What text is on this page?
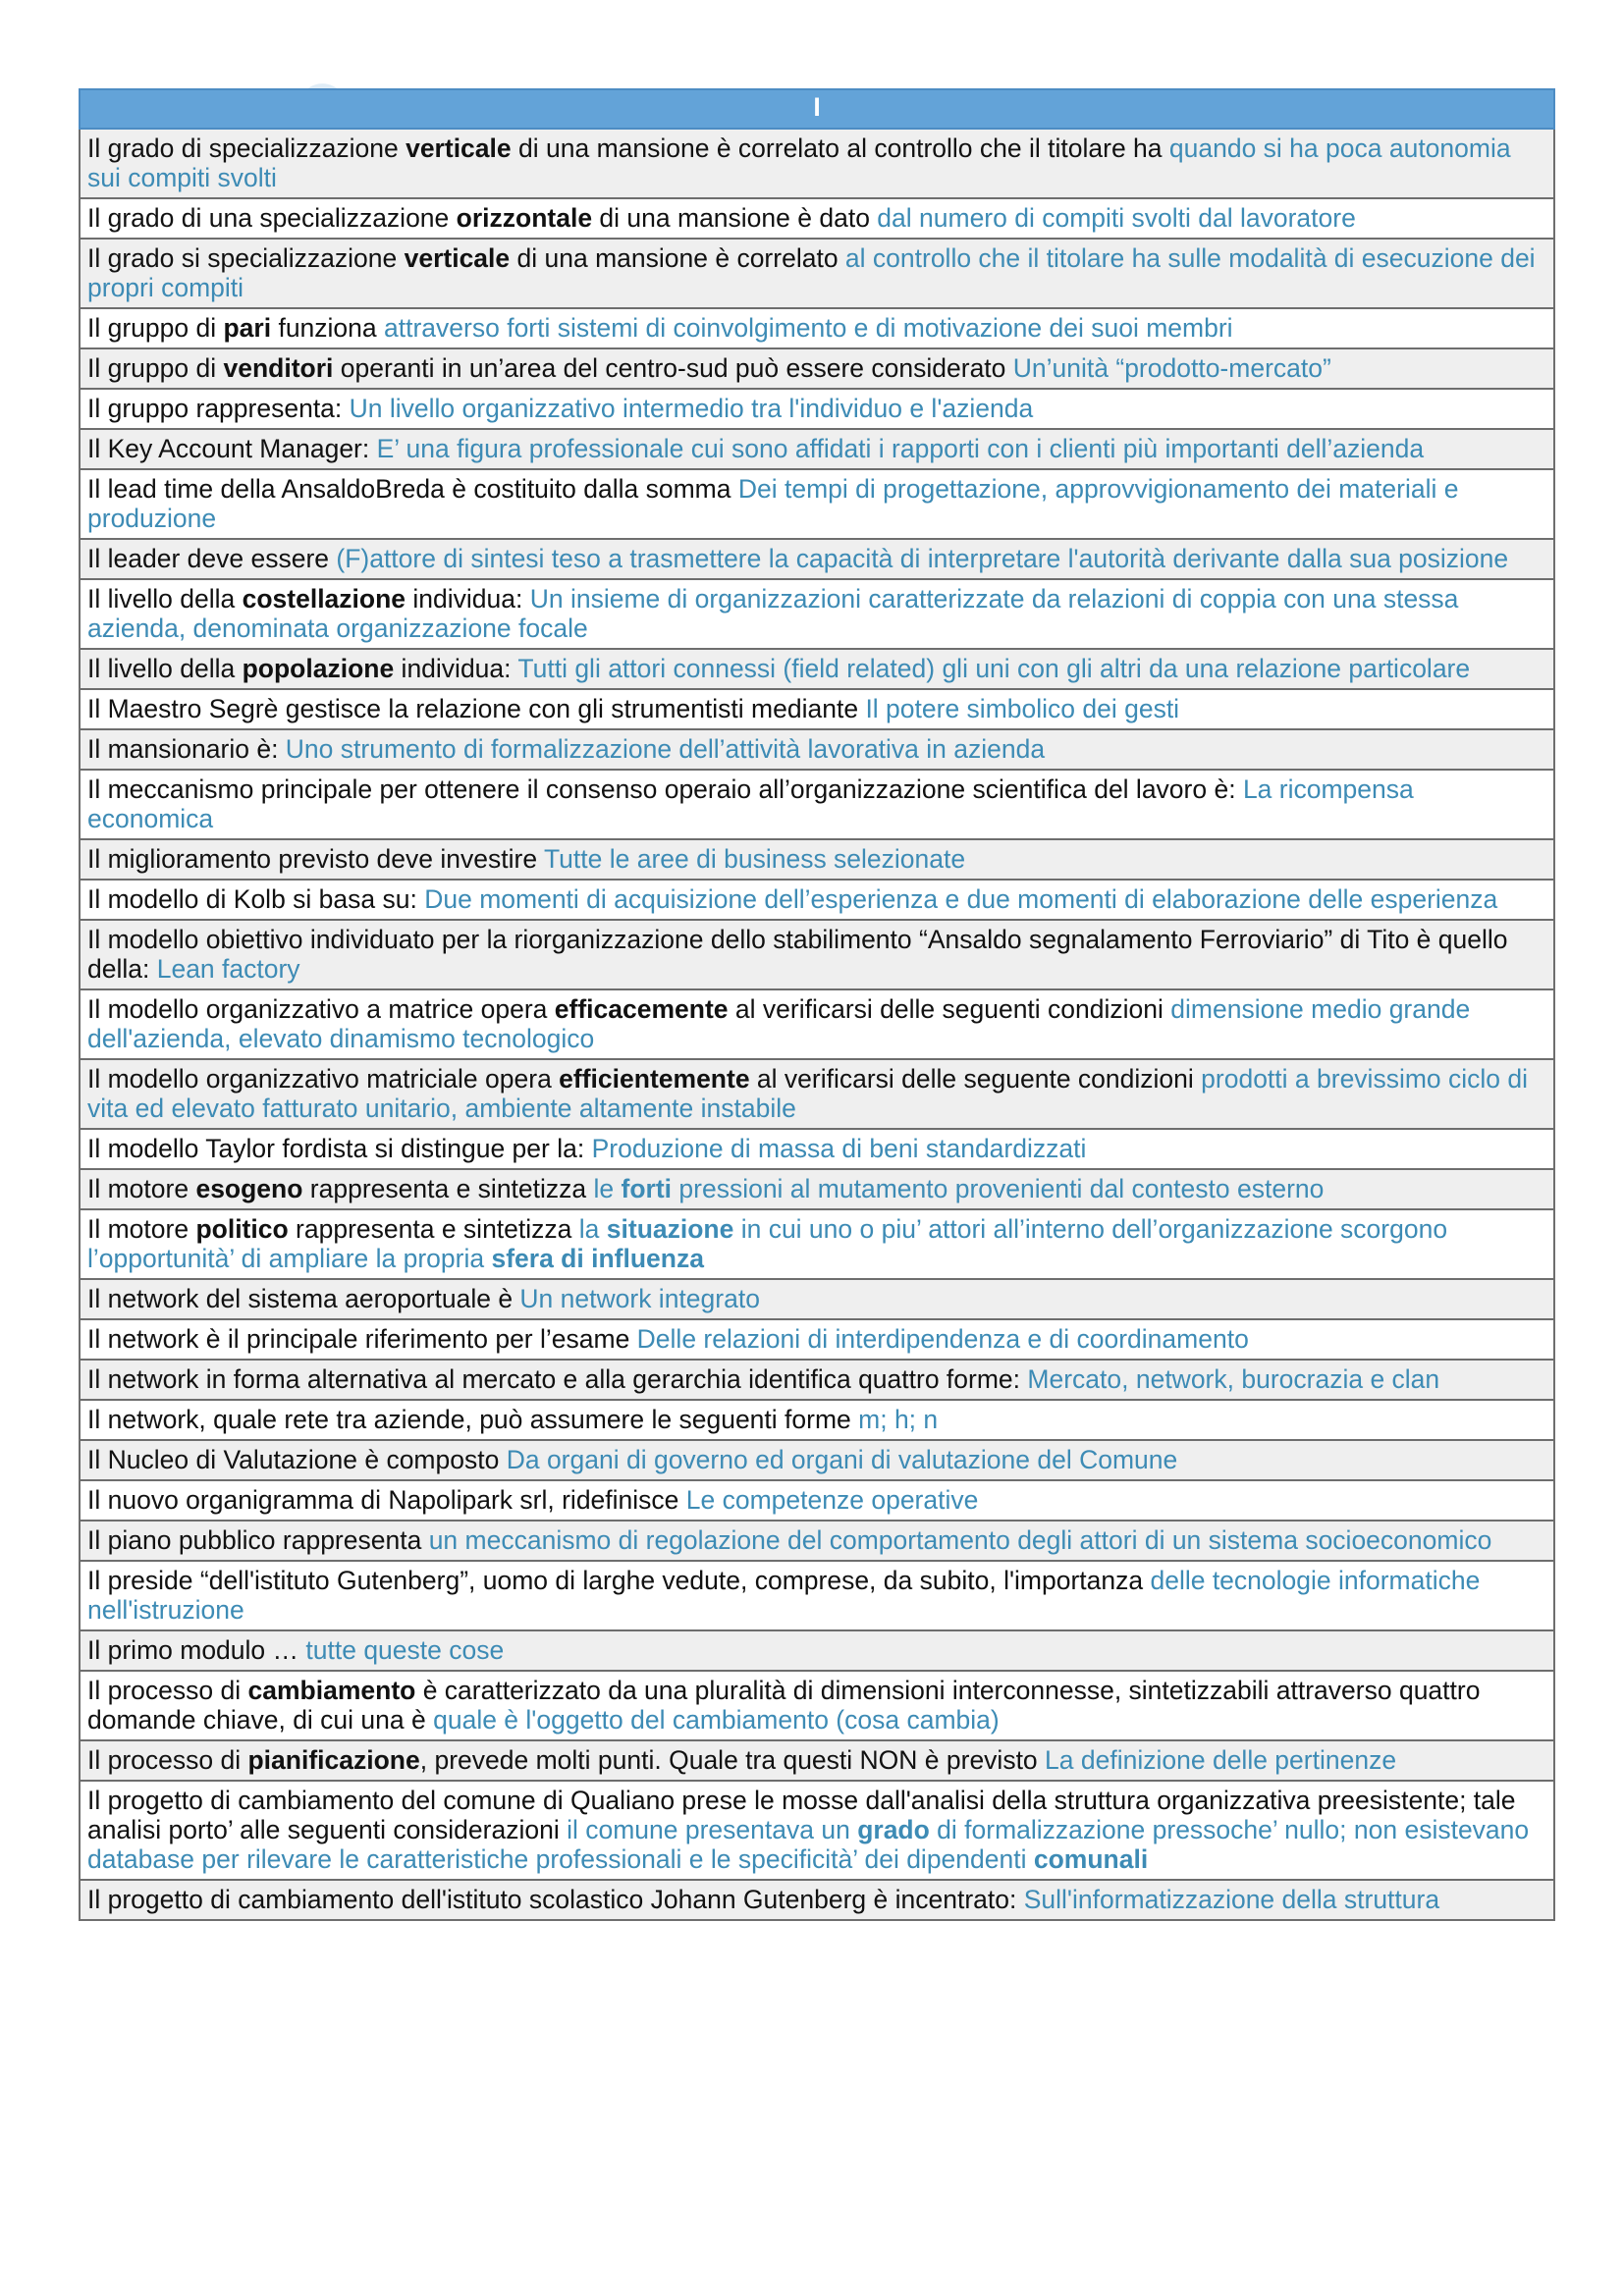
I
Il grado di specializzazione verticale di una mansione è correlato al controllo che il titolare ha quando si ha poca autonomia sui compiti svolti
Il grado di una specializzazione orizzontale di una mansione è dato dal numero di compiti svolti dal lavoratore
Il grado si specializzazione verticale di una mansione è correlato al controllo che il titolare ha sulle modalità di esecuzione dei propri compiti
Il gruppo di pari funziona attraverso forti sistemi di coinvolgimento e di motivazione dei suoi membri
Il gruppo di venditori operanti in un’area del centro-sud può essere considerato Un’unità “prodotto-mercato”
Il gruppo rappresenta: Un livello organizzativo intermedio tra l'individuo e l'azienda
Il Key Account Manager: E’ una figura professionale cui sono affidati i rapporti con i clienti più importanti dell’azienda
Il lead time della AnsaldoBreda è costituito dalla somma Dei tempi di progettazione, approvvigionamento dei materiali e produzione
Il leader deve essere (F)attore di sintesi teso a trasmettere la capacità di interpretare l'autorità derivante dalla sua posizione
Il livello della costellazione individua: Un insieme di organizzazioni caratterizzate da relazioni di coppia con una stessa azienda, denominata organizzazione focale
Il livello della popolazione individua: Tutti gli attori connessi (field related) gli uni con gli altri da una relazione particolare
Il Maestro Segrè gestisce la relazione con gli strumentisti mediante Il potere simbolico dei gesti
Il mansionario è: Uno strumento di formalizzazione dell’attività lavorativa in azienda
Il meccanismo principale per ottenere il consenso operaio all’organizzazione scientifica del lavoro è: La ricompensa economica
Il miglioramento previsto deve investire Tutte le aree di business selezionate
Il modello di Kolb si basa su: Due momenti di acquisizione dell’esperienza e due momenti di elaborazione delle esperienza
Il modello obiettivo individuato per la riorganizzazione dello stabilimento “Ansaldo segnalamento Ferroviario” di Tito è quello della: Lean factory
Il modello organizzativo a matrice opera efficacemente al verificarsi delle seguenti condizioni dimensione medio grande dell'azienda, elevato dinamismo tecnologico
Il modello organizzativo matriciale opera efficientemente al verificarsi delle seguente condizioni prodotti a brevissimo ciclo di vita ed elevato fatturato unitario, ambiente altamente instabile
Il modello Taylor fordista si distingue per la: Produzione di massa di beni standardizzati
Il motore esogeno rappresenta e sintetizza le forti pressioni al mutamento provenienti dal contesto esterno
Il motore politico rappresenta e sintetizza la situazione in cui uno o piu’ attori all’interno dell’organizzazione scorgono l’opportunità’ di ampliare la propria sfera di influenza
Il network del sistema aeroportuale è Un network integrato
Il network è il principale riferimento per l’esame Delle relazioni di interdipendenza e di coordinamento
Il network in forma alternativa al mercato e alla gerarchia identifica quattro forme: Mercato, network, burocrazia e clan
Il network, quale rete tra aziende, può assumere le seguenti forme m; h; n
Il Nucleo di Valutazione è composto Da organi di governo ed organi di valutazione del Comune
Il nuovo organigramma di Napolipark srl, ridefinisce Le competenze operative
Il piano pubblico rappresenta un meccanismo di regolazione del comportamento degli attori di un sistema socioeconomico
Il preside “dell'istituto Gutenberg”, uomo di larghe vedute, comprese, da subito, l'importanza delle tecnologie informatiche nell'istruzione
Il primo modulo … tutte queste cose
Il processo di cambiamento è caratterizzato da una pluralità di dimensioni interconnesse, sintetizzabili attraverso quattro domande chiave, di cui una è quale è l'oggetto del cambiamento (cosa cambia)
Il processo di pianificazione, prevede molti punti. Quale tra questi NON è previsto La definizione delle pertinenze
Il progetto di cambiamento del comune di Qualiano prese le mosse dall'analisi della struttura organizzativa preesistente; tale analisi porto’ alle seguenti considerazioni il comune presentava un grado di formalizzazione pressoche’ nullo; non esistevano database per rilevare le caratteristiche professionali e le specificità’ dei dipendenti comunali
Il progetto di cambiamento dell'istituto scolastico Johann Gutenberg è incentrato: Sull'informatizzazione della struttura
